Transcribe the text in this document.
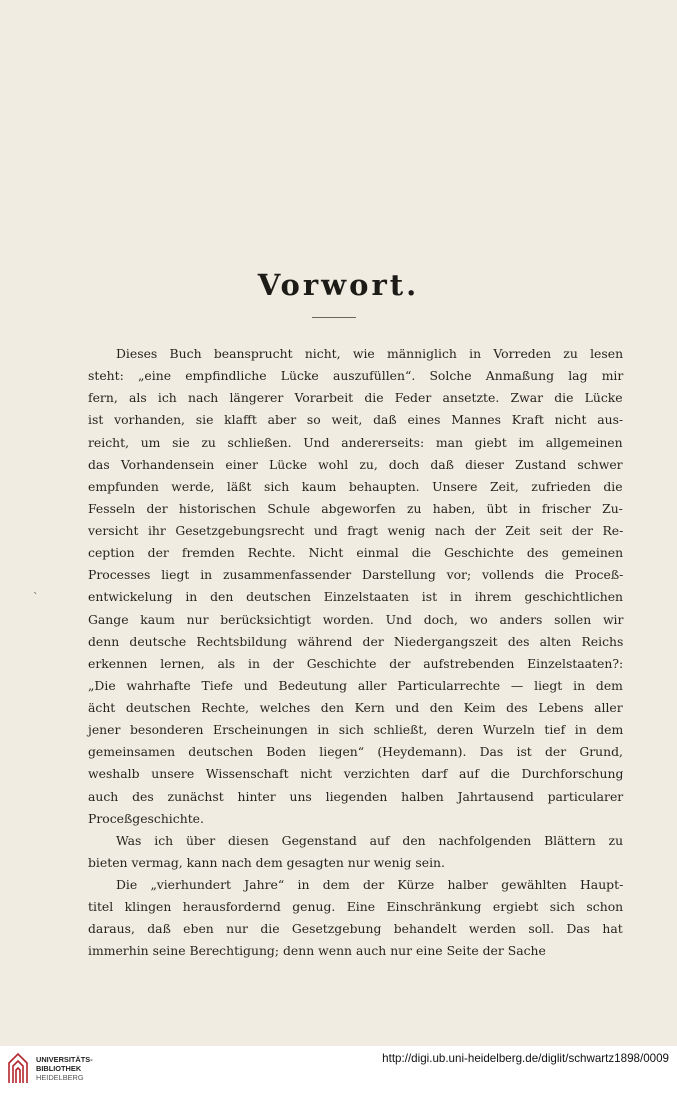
Vorwort.
`
Dieses Buch beansprucht nicht, wie männiglich in Vorreden zu lesen
steht: „eine empfindliche Lücke auszufüllen“. Solche Anmaßung lag mir
fern, als ich nach längerer Vorarbeit die Feder ansetzte. Zwar die Lücke
ist vorhanden, sie klafft aber so weit, daß eines Mannes Kraft nicht aus-
reicht, um sie zu schließen. Und andererseits: man giebt im allgemeinen
das Vorhandensein einer Lücke wohl zu, doch daß dieser Zustand schwer
empfunden werde, läßt sich kaum behaupten. Unsere Zeit, zufrieden die
Fesseln der historischen Schule abgeworfen zu haben, übt in frischer Zu-
versicht ihr Gesetzgebungsrecht und fragt wenig nach der Zeit seit der Re-
ception der fremden Rechte. Nicht einmal die Geschichte des gemeinen
Processes liegt in zusammenfassender Darstellung vor; vollends die Proceß-
entwickelung in den deutschen Einzelstaaten ist in ihrem geschichtlichen
Gange kaum nur berücksichtigt worden. Und doch, wo anders sollen wir
denn deutsche Rechtsbildung während der Niedergangszeit des alten Reichs
erkennen lernen, als in der Geschichte der aufstrebenden Einzelstaaten?:
„Die wahrhafte Tiefe und Bedeutung aller Particularrechte — liegt in dem
ächt deutschen Rechte, welches den Kern und den Keim des Lebens aller
jener besonderen Erscheinungen in sich schließt, deren Wurzeln tief in dem
gemeinsamen deutschen Boden liegen“ (Heydemann). Das ist der Grund,
weshalb unsere Wissenschaft nicht verzichten darf auf die Durchforschung
auch des zunächst hinter uns liegenden halben Jahrtausend particularer
Proceßgeschichte.
Was ich über diesen Gegenstand auf den nachfolgenden Blättern zu
bieten vermag, kann nach dem gesagten nur wenig sein.
Die „vierhundert Jahre“ in dem der Kürze halber gewählten Haupt-
titel klingen herausfordernd genug. Eine Einschränkung ergiebt sich schon
daraus, daß eben nur die Gesetzgebung behandelt werden soll. Das hat
immerhin seine Berechtigung; denn wenn auch nur eine Seite der Sache
UNIVERSITÄTS-
BIBLIOTHEK
HEIDELBERG
http://digi.ub.uni-heidelberg.de/diglit/schwartz1898/0009
